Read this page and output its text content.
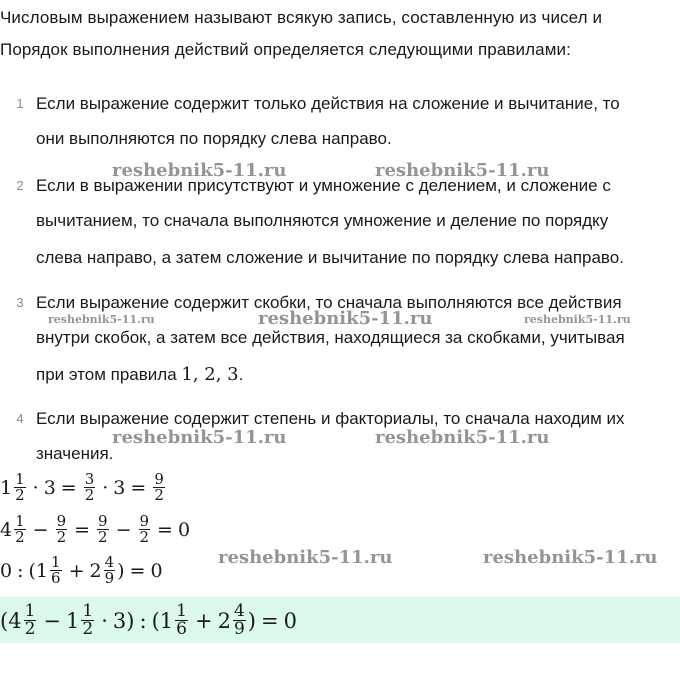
Числовым выражением называют всякую запись, составленную из чисел и
Порядок выполнения действий определяется следующими правилами:
1 Если выражение содержит только действия на сложение и вычитание, то
они выполняются по порядку слева направо.
2 Если в выражении присутствуют и умножение с делением, и сложение с
вычитанием, то сначала выполняются умножение и деление по порядку
слева направо, а затем сложение и вычитание по порядку слева направо.
3 Если выражение содержит скобки, то сначала выполняются все действия
внутри скобок, а затем все действия, находящиеся за скобками, учитывая
при этом правила 1, 2, 3.
4 Если выражение содержит степень и факториалы, то сначала находим их
значения.
reshebnik5-11.ru	reshebnik5-11.ru
reshebnik5-11.ru	reshebnik5-11.ru	reshebnik5-11.ru
reshebnik5-11.ru	reshebnik5-11.ru
reshebnik5-11.ru	reshebnik5-11.ru
$1 \frac{1}{2} \cdot 3 = \frac{3}{2} \cdot 3 = \frac{9}{2}$
$4 \frac{1}{2} - \frac{9}{2} = \frac{9}{2} - \frac{9}{2} = 0$
0 : ( $1 \frac{1}{6} + 2 \frac{4}{9}$ ) = 0
( $4 \frac{1}{2} - 1 \frac{1}{2} \cdot 3$ ) : ( $1 \frac{1}{6} + 2 \frac{4}{9}$ ) = 0
